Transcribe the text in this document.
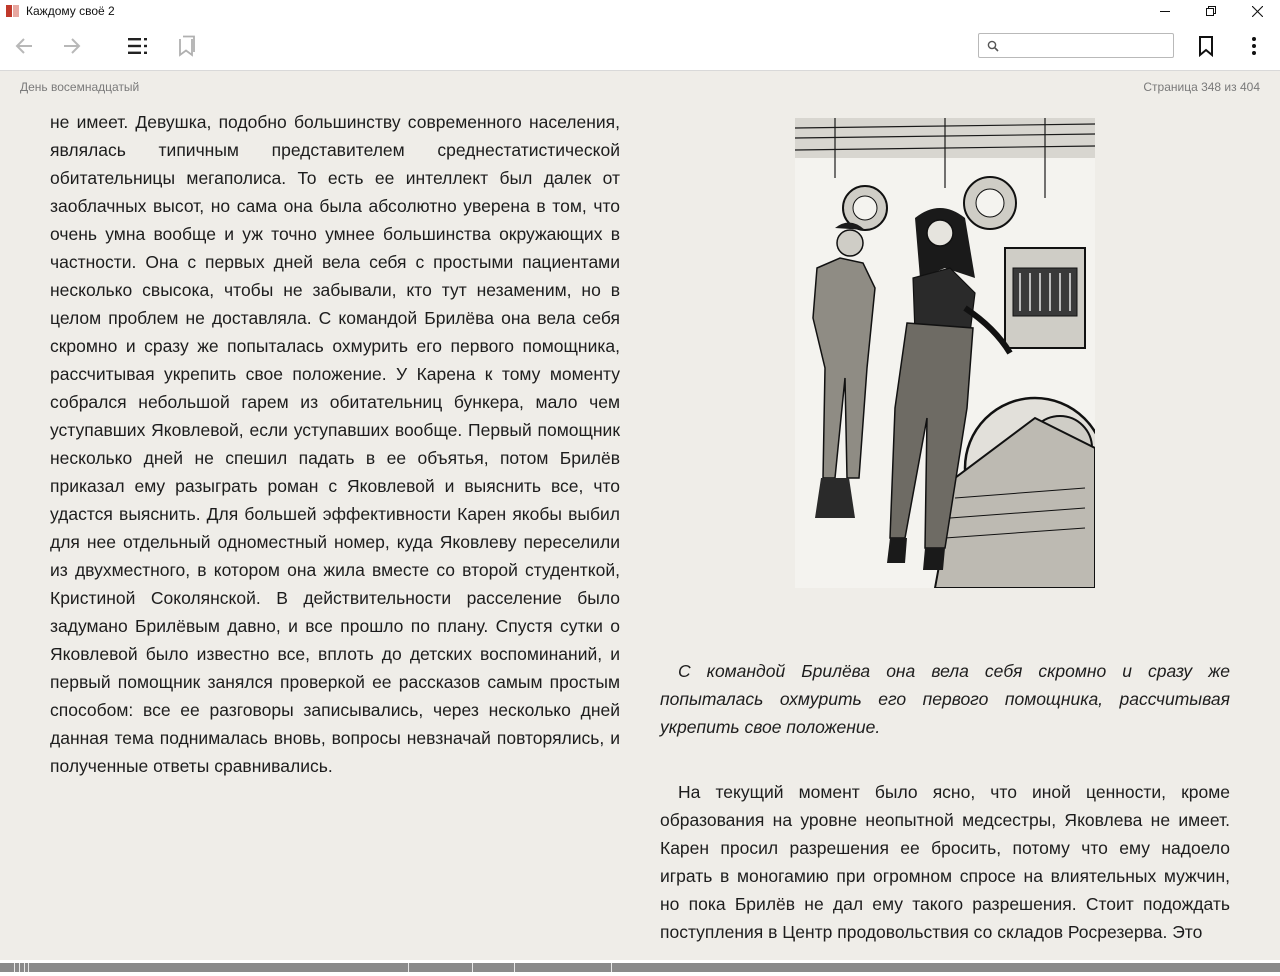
Каждому своё 2
День восемнадцатый	Страница 348 из 404

не имеет. Девушка, подобно большинству современного населения, являлась типичным представителем среднестатистической обитательницы мегаполиса. То есть ее интеллект был далек от заоблачных высот, но сама она была абсолютно уверена в том, что очень умна вообще и уж точно умнее большинства окружающих в частности. Она с первых дней вела себя с простыми пациентами несколько свысока, чтобы не забывали, кто тут незаменим, но в целом проблем не доставляла. С командой Брилёва она вела себя скромно и сразу же попыталась охмурить его первого помощника, рассчитывая укрепить свое положение. У Карена к тому моменту собрался небольшой гарем из обитательниц бункера, мало чем уступавших Яковлевой, если уступавших вообще. Первый помощник несколько дней не спешил падать в ее объятья, потом Брилёв приказал ему разыграть роман с Яковлевой и выяснить все, что удастся выяснить. Для большей эффективности Карен якобы выбил для нее отдельный одноместный номер, куда Яковлеву переселили из двухместного, в котором она жила вместе со второй студенткой, Кристиной Соколянской. В действительности расселение было задумано Брилёвым давно, и все прошло по плану. Спустя сутки о Яковлевой было известно все, вплоть до детских воспоминаний, и первый помощник занялся проверкой ее рассказов самым простым способом: все ее разговоры записывались, через несколько дней данная тема поднималась вновь, вопросы невзначай повторялись, и полученные ответы сравнивались.

С командой Брилёва она вела себя скромно и сразу же попыталась охмурить его первого помощника, рассчитывая укрепить свое положение.

На текущий момент было ясно, что иной ценности, кроме образования на уровне неопытной медсестры, Яковлева не имеет. Карен просил разрешения ее бросить, потому что ему надоело играть в моногамию при огромном спросе на влиятельных мужчин, но пока Брилёв не дал ему такого разрешения. Стоит подождать поступления в Центр продовольствия со складов Росрезерва. Это
